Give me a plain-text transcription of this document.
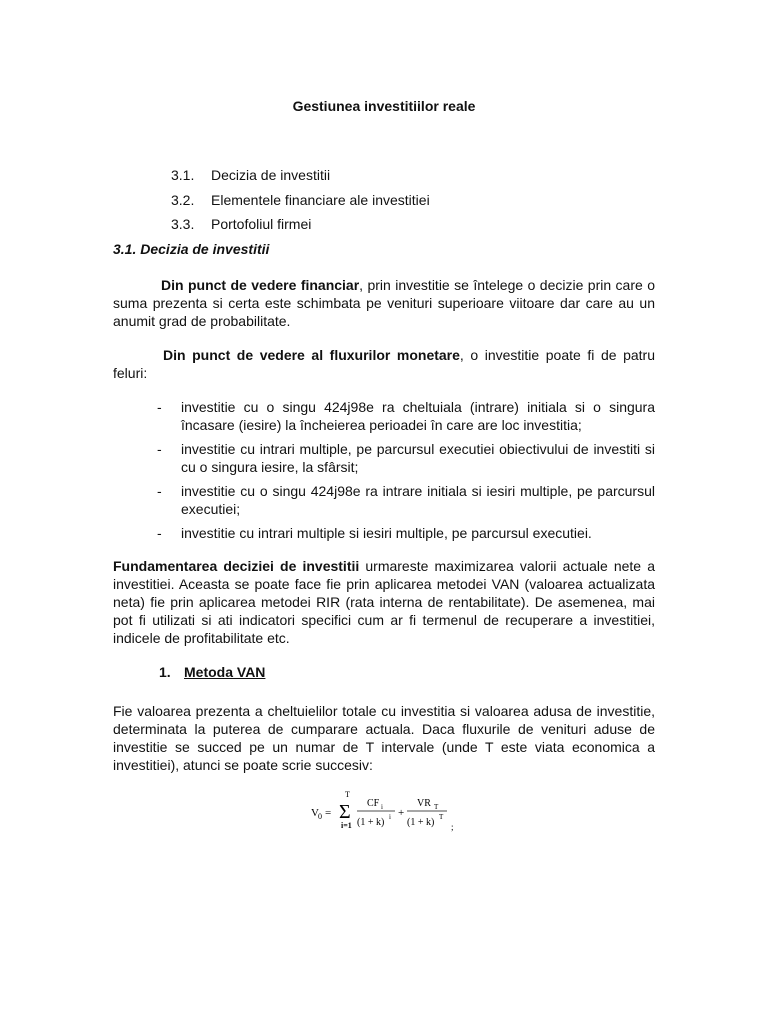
Gestiunea investitiilor reale
3.1.	Decizia de investitii
3.2.	Elementele financiare ale investitiei
3.3.	Portofoliul firmei
3.1. Decizia de investitii
Din punct de vedere financiar, prin investitie se întelege o decizie prin care o suma prezenta si certa este schimbata pe venituri superioare viitoare dar care au un anumit grad de probabilitate.
Din punct de vedere al fluxurilor monetare, o investitie poate fi de patru feluri:
-	investitie cu o singu 424j98e ra cheltuiala (intrare) initiala si o singura încasare (iesire) la încheierea perioadei în care are loc investitia;
-	investitie cu intrari multiple, pe parcursul executiei obiectivului de investiti si cu o singura iesire, la sfârsit;
-	investitie cu o singu 424j98e ra intrare initiala si iesiri multiple, pe parcursul executiei;
-	investitie cu intrari multiple si iesiri multiple, pe parcursul executiei.
Fundamentarea deciziei de investitii urmareste maximizarea valorii actuale nete a investitiei. Aceasta se poate face fie prin aplicarea metodei VAN (valoarea actualizata neta) fie prin aplicarea metodei RIR (rata interna de rentabilitate). De asemenea, mai pot fi utilizati si ati indicatori specifici cum ar fi termenul de recuperare a investitiei, indicele de profitabilitate etc.
1. Metoda VAN
Fie valoarea prezenta a cheltuielilor totale cu investitia si valoarea adusa de investitie, determinata la puterea de cumparare actuala. Daca fluxurile de venituri aduse de investitie se succed pe un numar de T intervale (unde T este viata economica a investitiei), atunci se poate scrie succesiv:
V 0 =
T
Σ
i=1
CF i
(1 + k) i +
VR T
(1 + k) T
;
